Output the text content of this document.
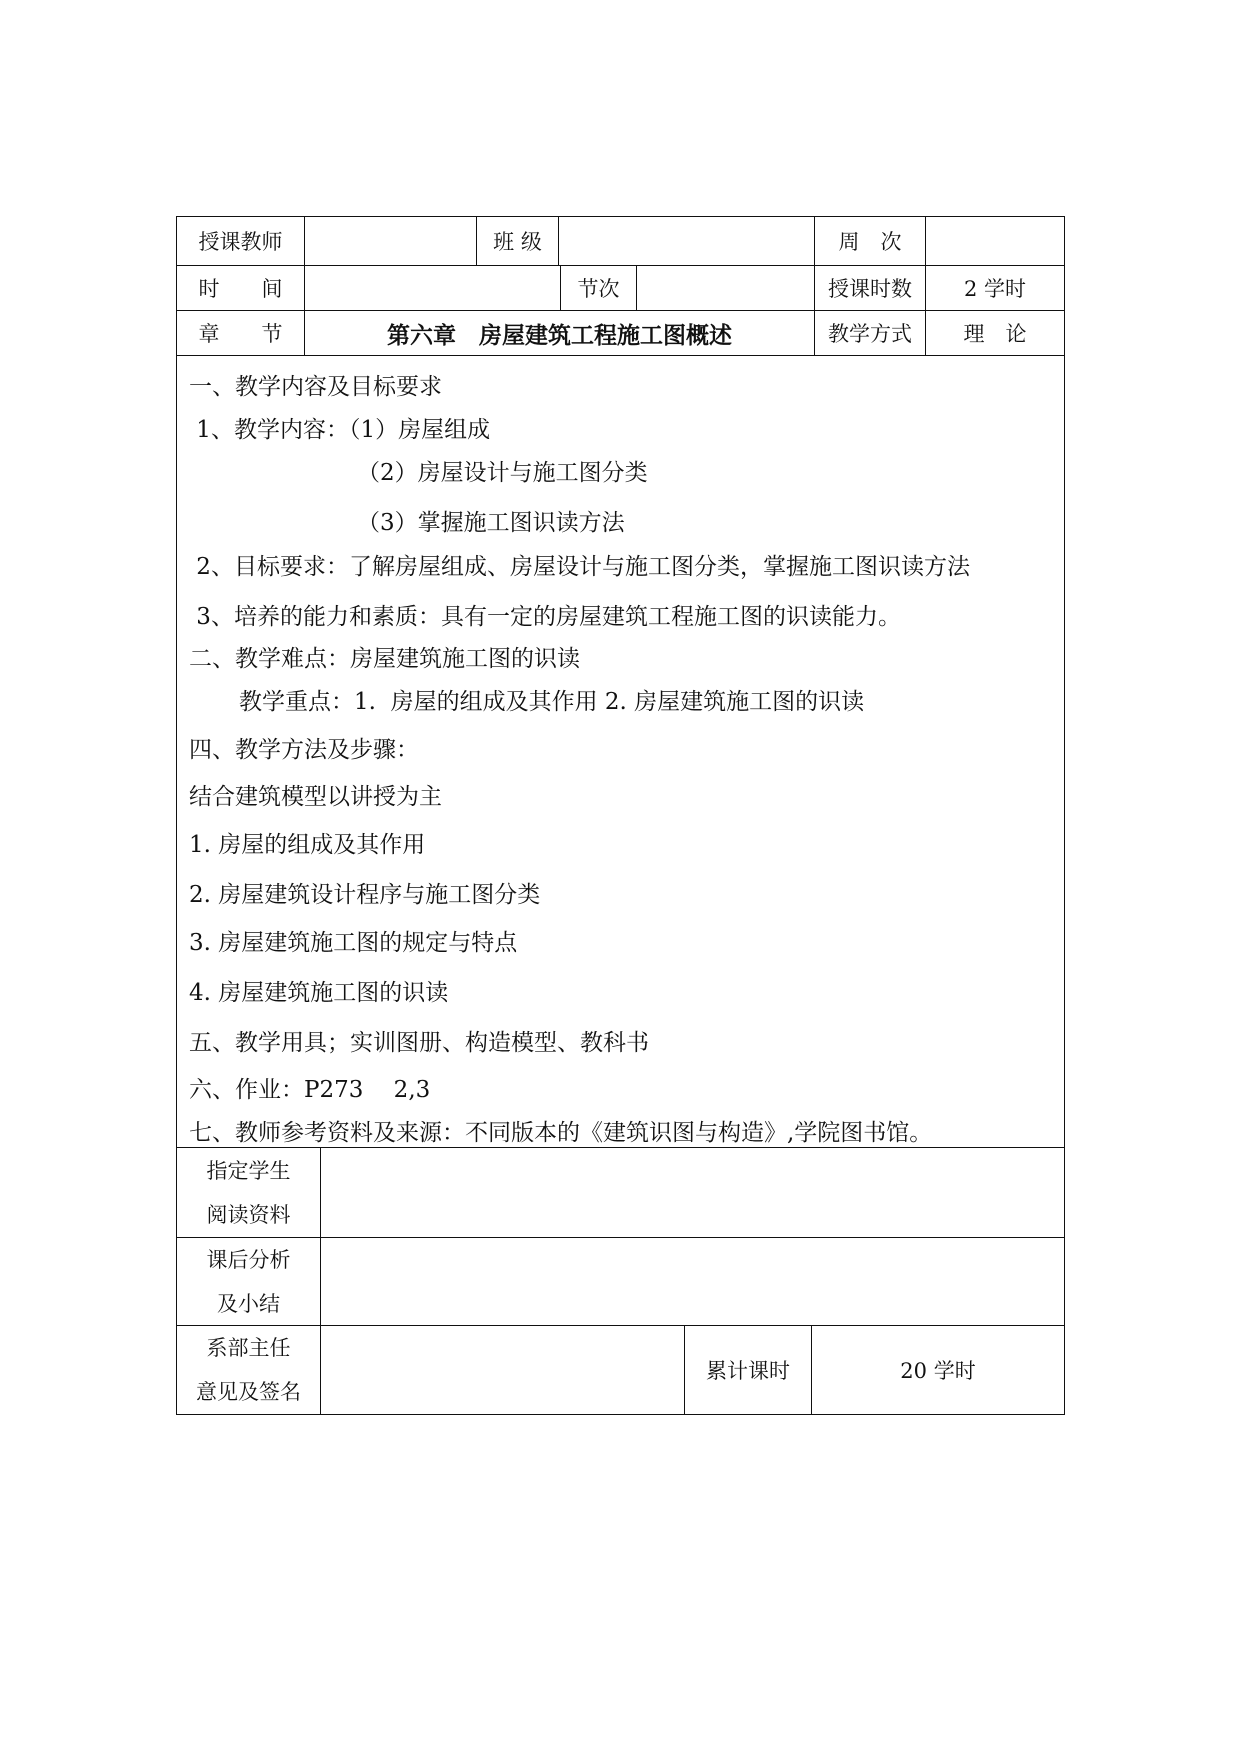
授课教师	班 级	周　次
时　　间	节次	授课时数	2 学时
章　　节	第六章　房屋建筑工程施工图概述	教学方式	理　论
一、教学内容及目标要求
1、教学内容：（1）房屋组成
（2）房屋设计与施工图分类
（3）掌握施工图识读方法
2、目标要求：了解房屋组成、房屋设计与施工图分类，掌握施工图识读方法
3、培养的能力和素质：具有一定的房屋建筑工程施工图的识读能力。
二、教学难点：房屋建筑施工图的识读
教学重点：1.  房屋的组成及其作用 2. 房屋建筑施工图的识读
四、教学方法及步骤：
结合建筑模型以讲授为主
1. 房屋的组成及其作用
2. 房屋建筑设计程序与施工图分类
3. 房屋建筑施工图的规定与特点
4. 房屋建筑施工图的识读
五、教学用具；实训图册、构造模型、教科书
六、作业：P273　 2,3
七、教师参考资料及来源：不同版本的《建筑识图与构造》,学院图书馆。
指定学生
阅读资料
课后分析
及小结
系部主任
意见及签名
累计课时	20 学时
